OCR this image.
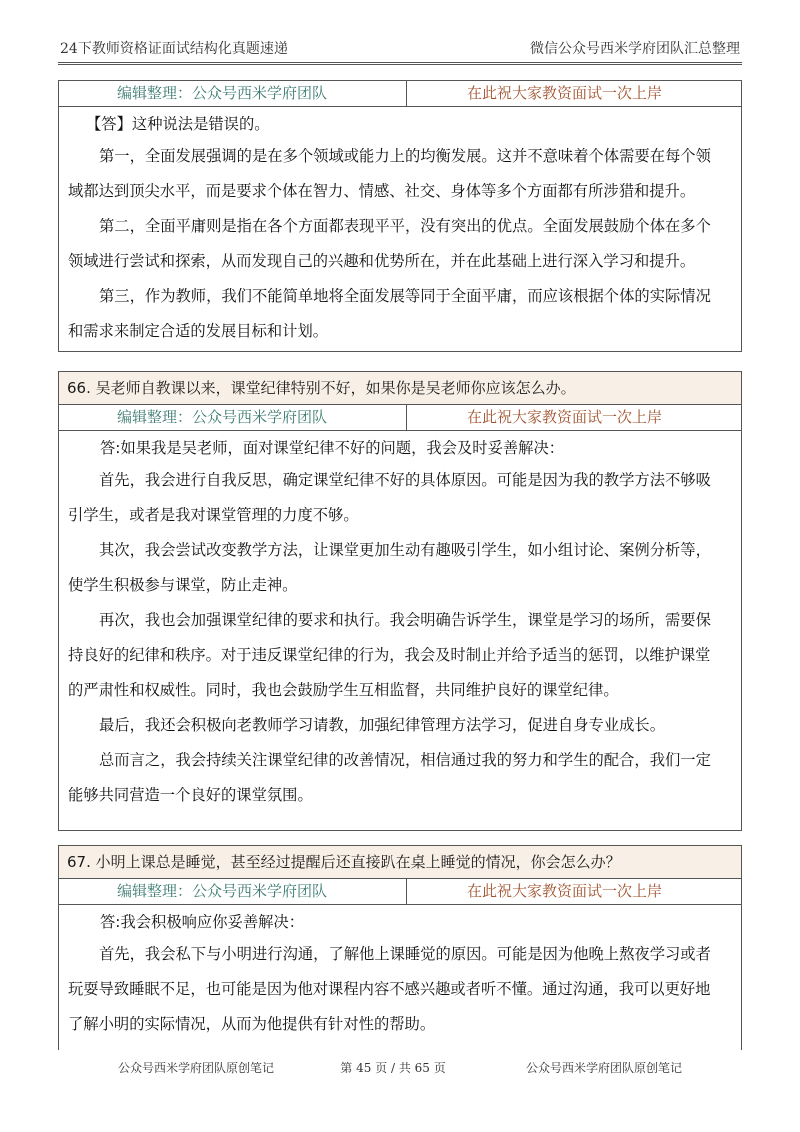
24下教师资格证面试结构化真题速递	微信公众号西米学府团队汇总整理
编辑整理：公众号西米学府团队	在此祝大家教资面试一次上岸

【答】这种说法是错误的。

第一，全面发展强调的是在多个领域或能力上的均衡发展。这并不意味着个体需要在每个领

域都达到顶尖水平，而是要求个体在智力、情感、社交、身体等多个方面都有所涉猎和提升。

第二，全面平庸则是指在各个方面都表现平平，没有突出的优点。全面发展鼓励个体在多个

领域进行尝试和探索，从而发现自己的兴趣和优势所在，并在此基础上进行深入学习和提升。

第三，作为教师，我们不能简单地将全面发展等同于全面平庸，而应该根据个体的实际情况

和需求来制定合适的发展目标和计划。

66. 吴老师自教课以来，课堂纪律特别不好，如果你是吴老师你应该怎么办。
编辑整理：公众号西米学府团队	在此祝大家教资面试一次上岸

答:如果我是吴老师，面对课堂纪律不好的问题，我会及时妥善解决：

首先，我会进行自我反思，确定课堂纪律不好的具体原因。可能是因为我的教学方法不够吸

引学生，或者是我对课堂管理的力度不够。

其次，我会尝试改变教学方法，让课堂更加生动有趣吸引学生，如小组讨论、案例分析等，

使学生积极参与课堂，防止走神。

再次，我也会加强课堂纪律的要求和执行。我会明确告诉学生，课堂是学习的场所，需要保

持良好的纪律和秩序。对于违反课堂纪律的行为，我会及时制止并给予适当的惩罚，以维护课堂

的严肃性和权威性。同时，我也会鼓励学生互相监督，共同维护良好的课堂纪律。

最后，我还会积极向老教师学习请教，加强纪律管理方法学习，促进自身专业成长。

总而言之，我会持续关注课堂纪律的改善情况，相信通过我的努力和学生的配合，我们一定

能够共同营造一个良好的课堂氛围。

67. 小明上课总是睡觉，甚至经过提醒后还直接趴在桌上睡觉的情况，你会怎么办？
编辑整理：公众号西米学府团队	在此祝大家教资面试一次上岸

答:我会积极响应你妥善解决：

首先，我会私下与小明进行沟通，了解他上课睡觉的原因。可能是因为他晚上熬夜学习或者

玩耍导致睡眠不足，也可能是因为他对课程内容不感兴趣或者听不懂。通过沟通，我可以更好地

了解小明的实际情况，从而为他提供有针对性的帮助。

公众号西米学府团队原创笔记	第 45 页 / 共 65 页	公众号西米学府团队原创笔记
